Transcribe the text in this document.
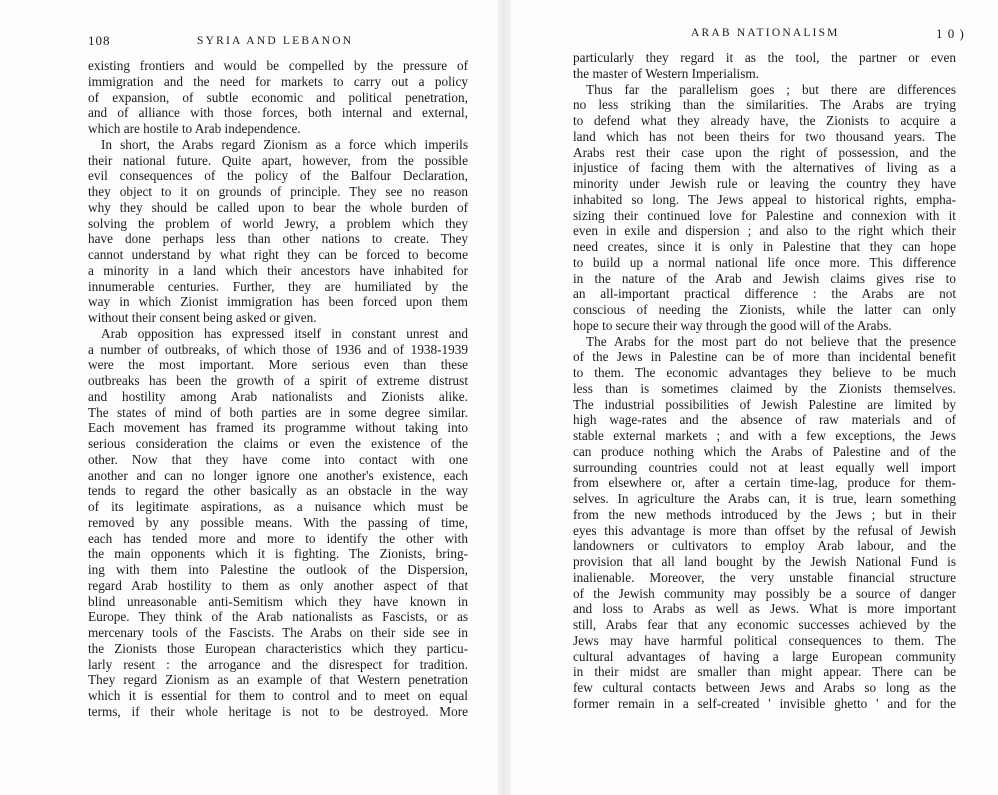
108	SYRIA AND LEBANON
existing frontiers and would be compelled by the pressure of
immigration and the need for markets to carry out a policy
of expansion, of subtle economic and political penetration,
and of alliance with those forces, both internal and external,
which are hostile to Arab independence.
In short, the Arabs regard Zionism as a force which imperils
their national future. Quite apart, however, from the possible
evil consequences of the policy of the Balfour Declaration,
they object to it on grounds of principle. They see no reason
why they should be called upon to bear the whole burden of
solving the problem of world Jewry, a problem which they
have done perhaps less than other nations to create. They
cannot understand by what right they can be forced to become
a minority in a land which their ancestors have inhabited for
innumerable centuries. Further, they are humiliated by the
way in which Zionist immigration has been forced upon them
without their consent being asked or given.
Arab opposition has expressed itself in constant unrest and
a number of outbreaks, of which those of 1936 and of 1938-1939
were the most important. More serious even than these
outbreaks has been the growth of a spirit of extreme distrust
and hostility among Arab nationalists and Zionists alike.
The states of mind of both parties are in some degree similar.
Each movement has framed its programme without taking into
serious consideration the claims or even the existence of the
other. Now that they have come into contact with one
another and can no longer ignore one another's existence, each
tends to regard the other basically as an obstacle in the way
of its legitimate aspirations, as a nuisance which must be
removed by any possible means. With the passing of time,
each has tended more and more to identify the other with
the main opponents which it is fighting. The Zionists, bring-
ing with them into Palestine the outlook of the Dispersion,
regard Arab hostility to them as only another aspect of that
blind unreasonable anti-Semitism which they have known in
Europe. They think of the Arab nationalists as Fascists, or as
mercenary tools of the Fascists. The Arabs on their side see in
the Zionists those European characteristics which they particu-
larly resent : the arrogance and the disrespect for tradition.
They regard Zionism as an example of that Western penetration
which it is essential for them to control and to meet on equal
terms, if their whole heritage is not to be destroyed. More
ARAB NATIONALISM	1 0 )
particularly they regard it as the tool, the partner or even
the master of Western Imperialism.
Thus far the parallelism goes ; but there are differences
no less striking than the similarities. The Arabs are trying
to defend what they already have, the Zionists to acquire a
land which has not been theirs for two thousand years. The
Arabs rest their case upon the right of possession, and the
injustice of facing them with the alternatives of living as a
minority under Jewish rule or leaving the country they have
inhabited so long. The Jews appeal to historical rights, empha-
sizing their continued love for Palestine and connexion with it
even in exile and dispersion ; and also to the right which their
need creates, since it is only in Palestine that they can hope
to build up a normal national life once more. This difference
in the nature of the Arab and Jewish claims gives rise to
an all-important practical difference : the Arabs are not
conscious of needing the Zionists, while the latter can only
hope to secure their way through the good will of the Arabs.
The Arabs for the most part do not believe that the presence
of the Jews in Palestine can be of more than incidental benefit
to them. The economic advantages they believe to be much
less than is sometimes claimed by the Zionists themselves.
The industrial possibilities of Jewish Palestine are limited by
high wage-rates and the absence of raw materials and of
stable external markets ; and with a few exceptions, the Jews
can produce nothing which the Arabs of Palestine and of the
surrounding countries could not at least equally well import
from elsewhere or, after a certain time-lag, produce for them-
selves. In agriculture the Arabs can, it is true, learn something
from the new methods introduced by the Jews ; but in their
eyes this advantage is more than offset by the refusal of Jewish
landowners or cultivators to employ Arab labour, and the
provision that all land bought by the Jewish National Fund is
inalienable. Moreover, the very unstable financial structure
of the Jewish community may possibly be a source of danger
and loss to Arabs as well as Jews. What is more important
still, Arabs fear that any economic successes achieved by the
Jews may have harmful political consequences to them. The
cultural advantages of having a large European community
in their midst are smaller than might appear. There can be
few cultural contacts between Jews and Arabs so long as the
former remain in a self-created ' invisible ghetto ' and for the
